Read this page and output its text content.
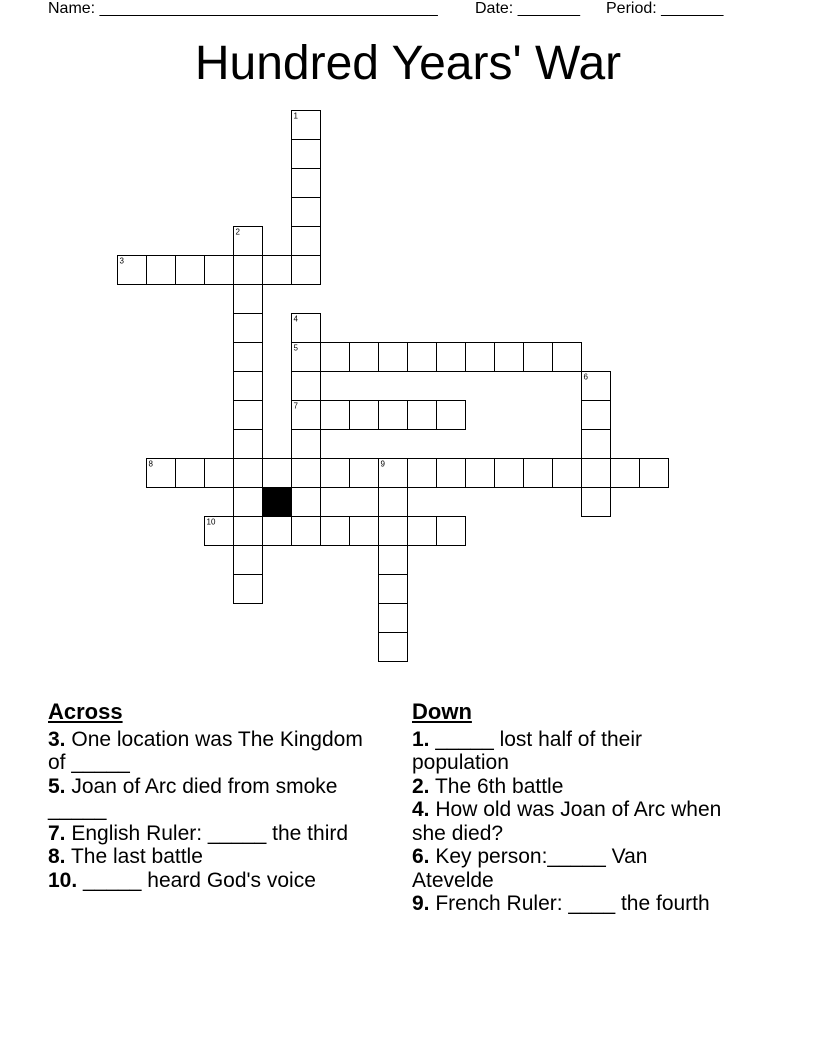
Name: ______________________________________ Date: _______ Period: _______
Hundred Years' War
1
2
3
4
5
6
7
8	9
10
Across

3. One location was The Kingdom of _____

5. Joan of Arc died from smoke _____

7. English Ruler: _____ the third

8. The last battle

10. _____ heard God's voice

Down

1. _____ lost half of their population

2. The 6th battle

4. How old was Joan of Arc when she died?

6. Key person:_____ Van Atevelde

9. French Ruler: ____ the fourth
